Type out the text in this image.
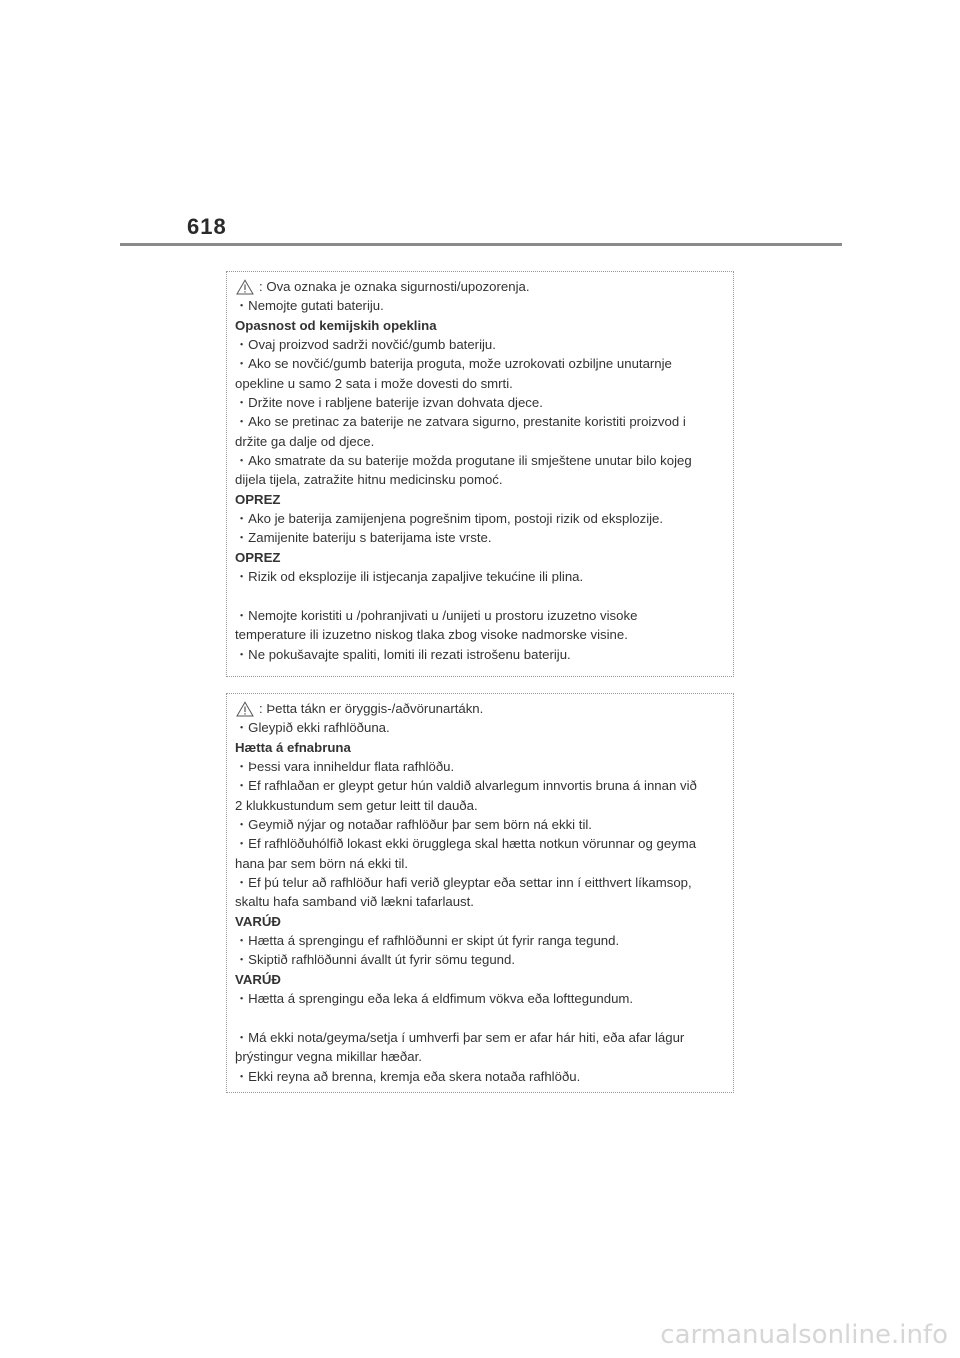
618
: Ova oznaka je oznaka sigurnosti/upozorenja.
・Nemojte gutati bateriju.
Opasnost od kemijskih opeklina
・Ovaj proizvod sadrži novčić/gumb bateriju.
・Ako se novčić/gumb baterija proguta, može uzrokovati ozbiljne unutarnje
opekline u samo 2 sata i može dovesti do smrti.
・Držite nove i rabljene baterije izvan dohvata djece.
・Ako se pretinac za baterije ne zatvara sigurno, prestanite koristiti proizvod i
držite ga dalje od djece.
・Ako smatrate da su baterije možda progutane ili smještene unutar bilo kojeg
dijela tijela, zatražite hitnu medicinsku pomoć.
OPREZ
・Ako je baterija zamijenjena pogrešnim tipom, postoji rizik od eksplozije.
・Zamijenite bateriju s baterijama iste vrste.
OPREZ
・Rizik od eksplozije ili istjecanja zapaljive tekućine ili plina.
・Nemojte koristiti u /pohranjivati u /unijeti u prostoru izuzetno visoke
temperature ili izuzetno niskog tlaka zbog visoke nadmorske visine.
・Ne pokušavajte spaliti, lomiti ili rezati istrošenu bateriju.
: Þetta tákn er öryggis-/aðvörunartákn.
・Gleypið ekki rafhlöðuna.
Hætta á efnabruna
・Þessi vara inniheldur flata rafhlöðu.
・Ef rafhlaðan er gleypt getur hún valdið alvarlegum innvortis bruna á innan við
2 klukkustundum sem getur leitt til dauða.
・Geymið nýjar og notaðar rafhlöður þar sem börn ná ekki til.
・Ef rafhlöðuhólfið lokast ekki örugglega skal hætta notkun vörunnar og geyma
hana þar sem börn ná ekki til.
・Ef þú telur að rafhlöður hafi verið gleyptar eða settar inn í eitthvert líkamsop,
skaltu hafa samband við lækni tafarlaust.
VARÚÐ
・Hætta á sprengingu ef rafhlöðunni er skipt út fyrir ranga tegund.
・Skiptið rafhlöðunni ávallt út fyrir sömu tegund.
VARÚÐ
・Hætta á sprengingu eða leka á eldfimum vökva eða lofttegundum.
・Má ekki nota/geyma/setja í umhverfi þar sem er afar hár hiti, eða afar lágur
þrýstingur vegna mikillar hæðar.
・Ekki reyna að brenna, kremja eða skera notaða rafhlöðu.
carmanualsonline.info
